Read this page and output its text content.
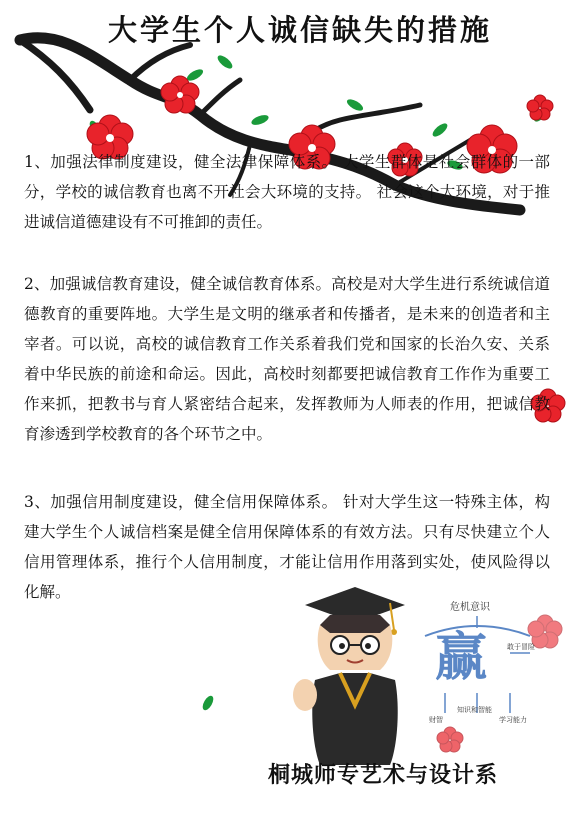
大学生个人诚信缺失的措施
1、加强法律制度建设，健全法律保障体系。 大学生群体是社会群体的一部分，学校的诚信教育也离不开社会大环境的支持。 社会这个大环境，对于推进诚信道德建设有不可推卸的责任。
2、加强诚信教育建设，健全诚信教育体系。高校是对大学生进行系统诚信道德教育的重要阵地。大学生是文明的继承者和传播者，是未来的创造者和主宰者。可以说，高校的诚信教育工作关系着我们党和国家的长治久安、关系着中华民族的前途和命运。因此，高校时刻都要把诚信教育工作作为重要工作来抓，把教书与育人紧密结合起来，发挥教师为人师表的作用，把诚信教育渗透到学校教育的各个环节之中。
3、加强信用制度建设，健全信用保障体系。 针对大学生这一特殊主体，构建大学生个人诚信档案是健全信用保障体系的有效方法。只有尽快建立个人信用管理体系，推行个人信用制度，才能让信用作用落到实处，使风险得以化解。
危机意识
赢	敢于冒险
财智
知识和智能
学习能力
桐城师专艺术与设计系
